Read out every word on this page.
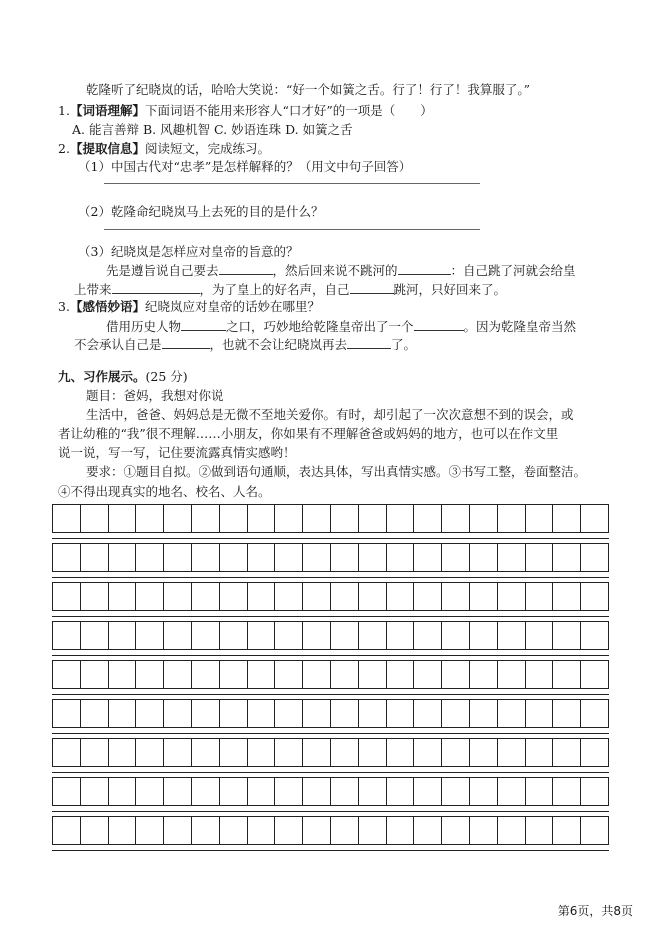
乾隆听了纪晓岚的话，哈哈大笑说：“好一个如簧之舌。行了！行了！我算服了。”
1.【词语理解】下面词语不能用来形容人“口才好”的一项是（　　）
A. 能言善辩 B. 风趣机智 C. 妙语连珠 D. 如簧之舌
2.【提取信息】阅读短文，完成练习。
（1）中国古代对“忠孝”是怎样解释的？（用文中句子回答）
（2）乾隆命纪晓岚马上去死的目的是什么？
（3）纪晓岚是怎样应对皇帝的旨意的？
先是遵旨说自己要去	，然后回来说不跳河的	：自己跳了河就会给皇
上带来	，为了皇上的好名声，自己	跳河，只好回来了。
3.【感悟妙语】纪晓岚应对皇帝的话妙在哪里？
借用历史人物	之口，巧妙地给乾隆皇帝出了一个	。因为乾隆皇帝当然
不会承认自己是	，也就不会让纪晓岚再去	了。
九、习作展示。(25 分)
题目：爸妈，我想对你说
生活中，爸爸、妈妈总是无微不至地关爱你。有时，却引起了一次次意想不到的误会，或
者让幼稚的“我”很不理解……小朋友，你如果有不理解爸爸或妈妈的地方，也可以在作文里
说一说，写一写，记住要流露真情实感哟！
要求：①题目自拟。②做到语句通顺，表达具体，写出真情实感。③书写工整，卷面整洁。
④不得出现真实的地名、校名、人名。
第6页，共8页
